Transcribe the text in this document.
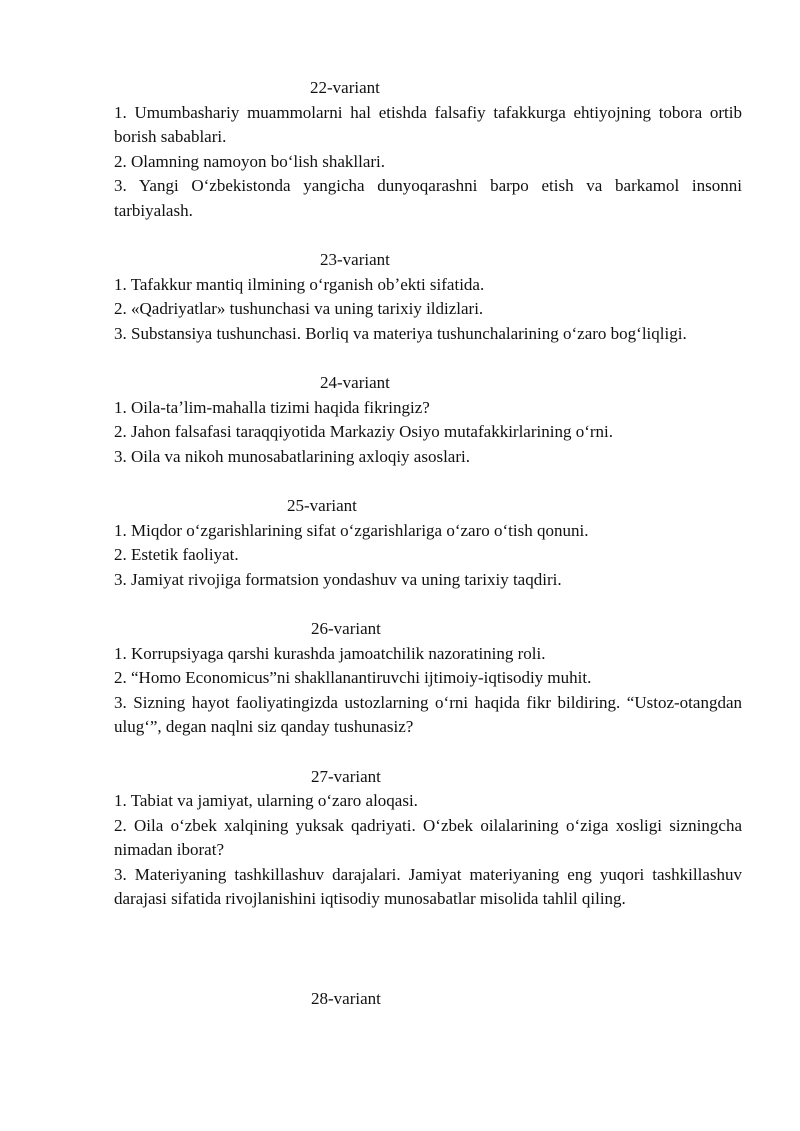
22-variant

1. Umumbashariy muammolarni hal etishda falsafiy tafakkurga ehtiyojning tobora ortib borish sabablari.

2. Olamning namoyon boʻlish shakllari.

3. Yangi Oʻzbekistonda yangicha dunyoqarashni barpo etish va barkamol insonni tarbiyalash.

23-variant

1. Tafakkur mantiq ilmining oʻrganish obʼekti sifatida.

2. «Qadriyatlar» tushunchasi va uning tarixiy ildizlari.

3. Substansiya tushunchasi. Borliq va materiya tushunchalarining oʻzaro bogʻliqligi.

24-variant

1. Oila-taʼlim-mahalla tizimi haqida fikringiz?

2. Jahon falsafasi taraqqiyotida Markaziy Osiyo mutafakkirlarining oʻrni.

3. Oila va nikoh munosabatlarining axloqiy asoslari.

25-variant

1. Miqdor oʻzgarishlarining sifat oʻzgarishlariga oʻzaro oʻtish qonuni.

2. Estetik faoliyat.

3. Jamiyat rivojiga formatsion yondashuv va uning tarixiy taqdiri.

26-variant

1. Korrupsiyaga qarshi kurashda jamoatchilik nazoratining roli.

2. “Homo Economicus”ni shakllanantiruvchi ijtimoiy-iqtisodiy muhit.

3. Sizning hayot faoliyatingizda ustozlarning oʻrni haqida fikr bildiring. “Ustoz-otangdan ulugʻ”, degan naqlni siz qanday tushunasiz?

27-variant

1. Tabiat va jamiyat, ularning oʻzaro aloqasi.

2. Oila oʻzbek xalqining yuksak qadriyati. Oʻzbek oilalarining oʻziga xosligi sizningcha nimadan iborat?

3. Materiyaning tashkillashuv darajalari. Jamiyat materiyaning eng yuqori tashkillashuv darajasi sifatida rivojlanishini iqtisodiy munosabatlar misolida tahlil qiling.

28-variant
